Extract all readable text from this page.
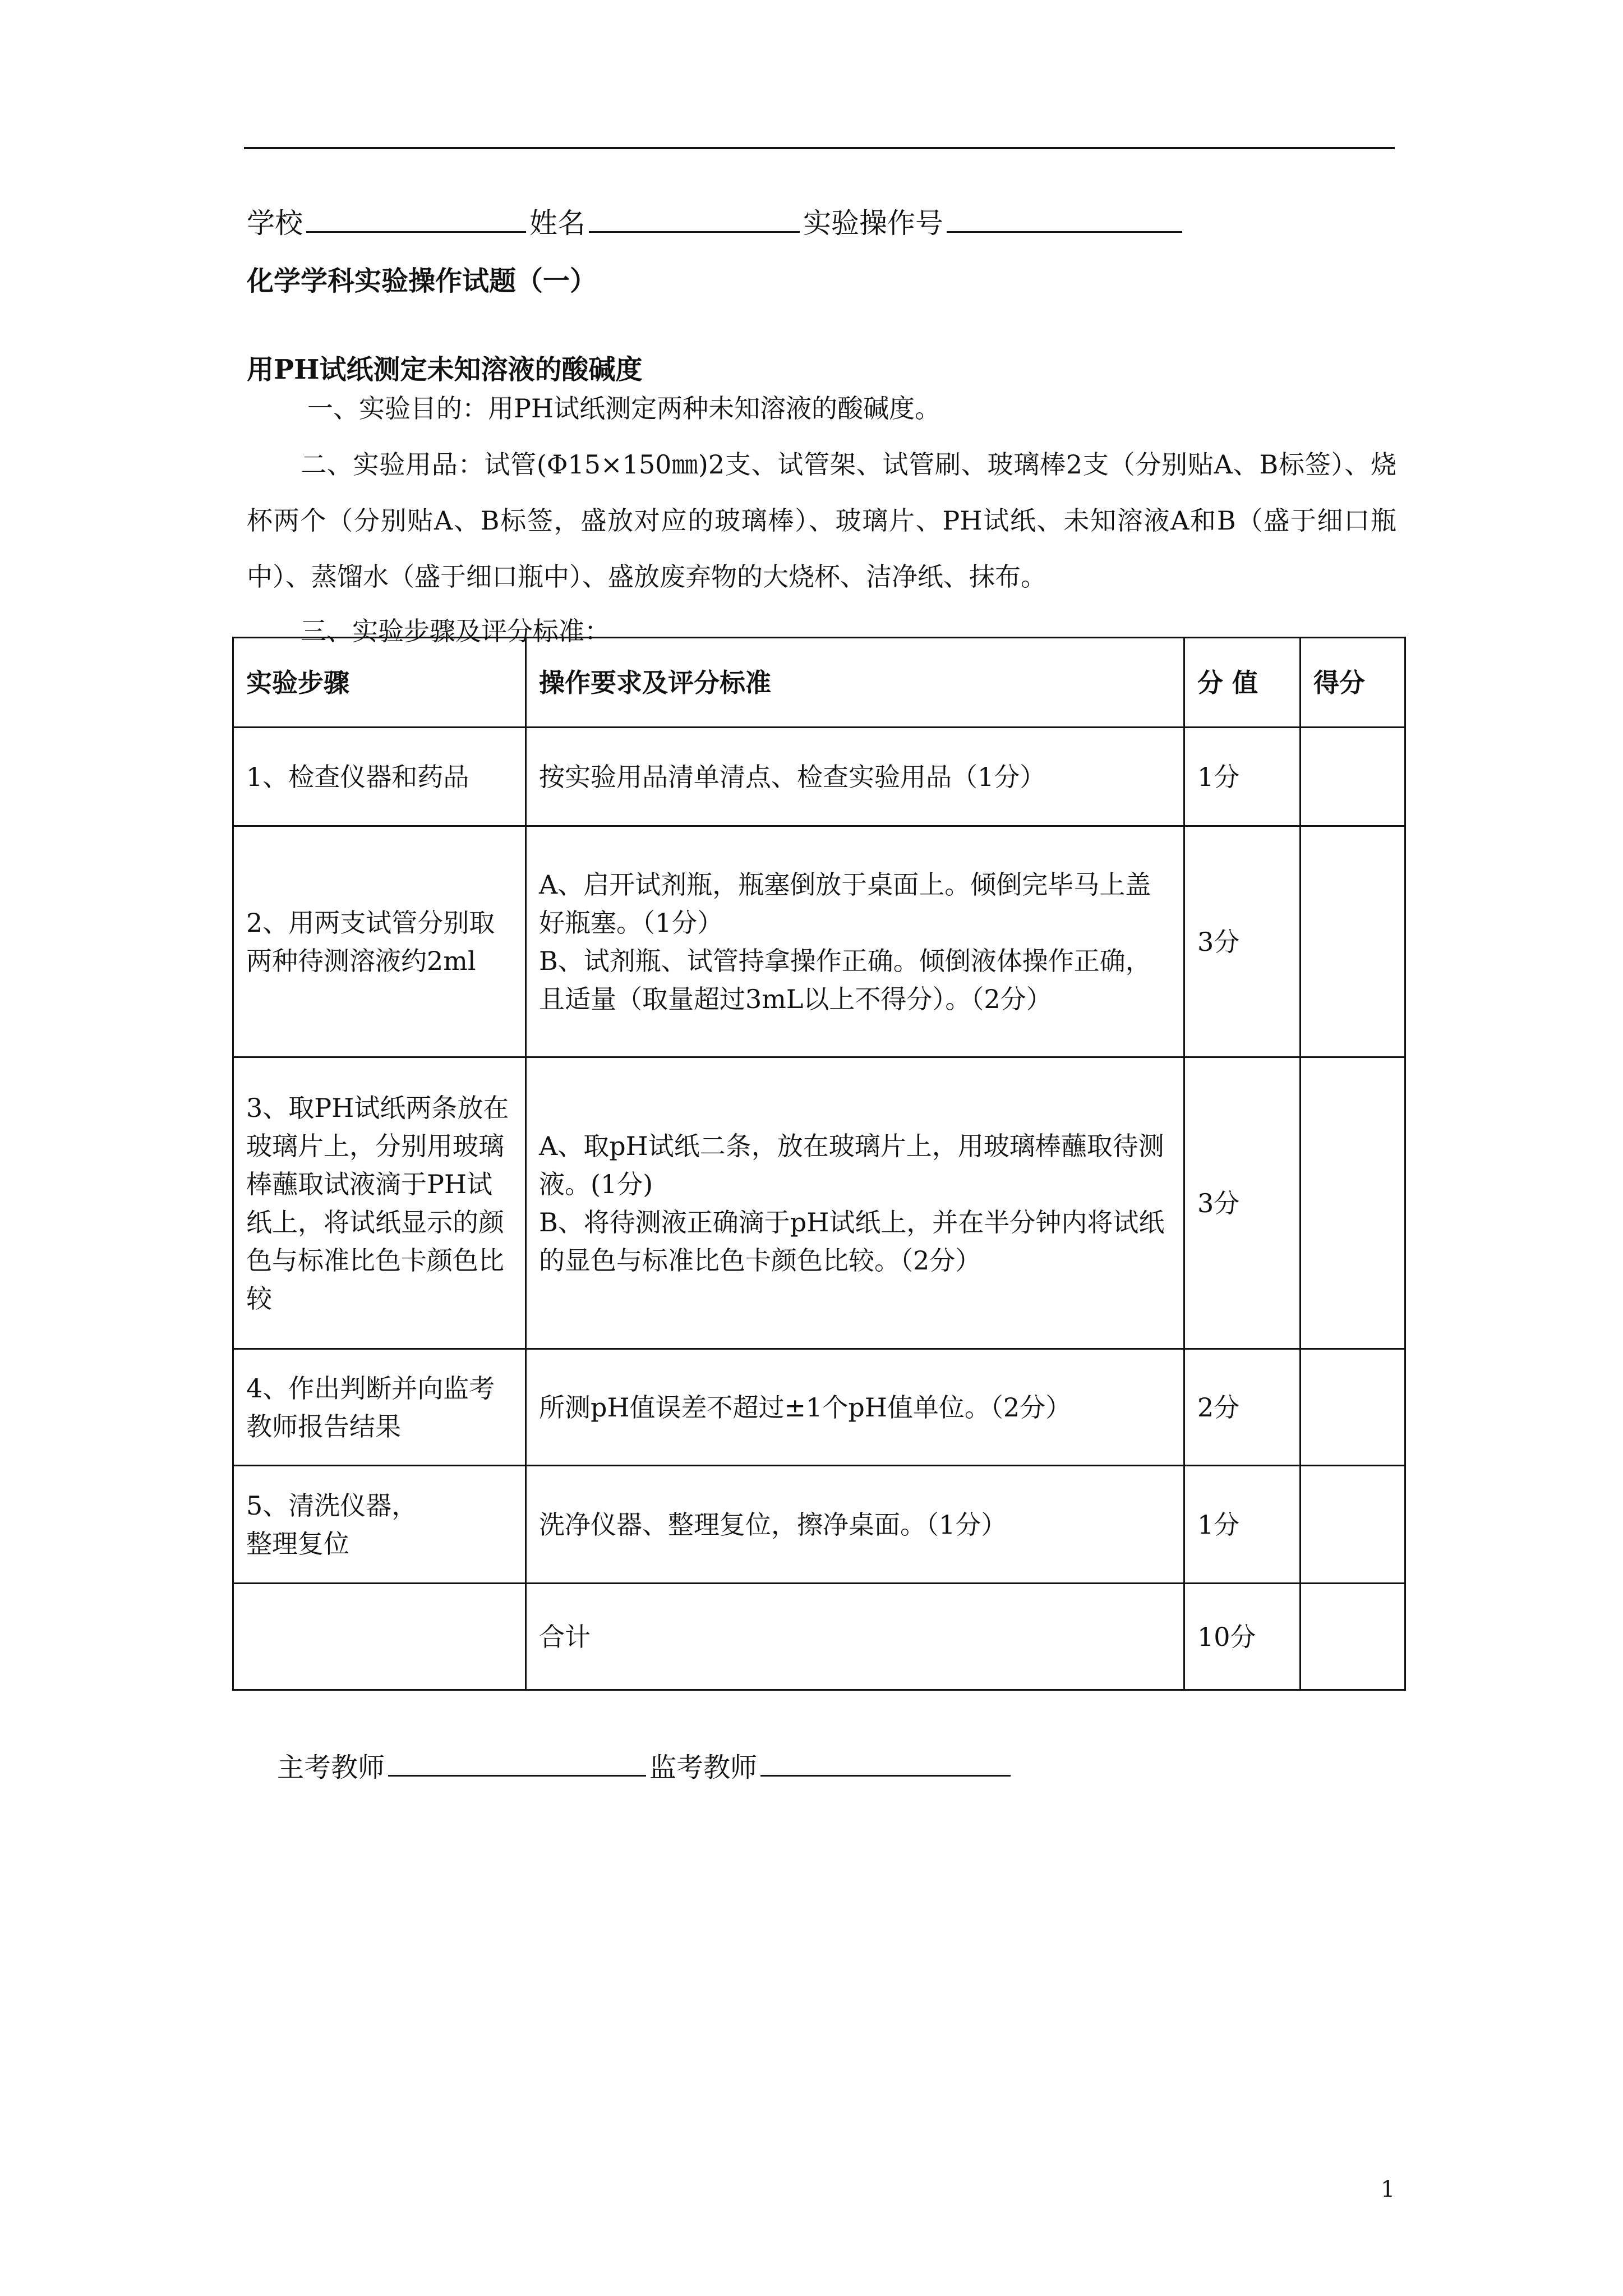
学校	姓名	实验操作号
化学学科实验操作试题（一）
用PH试纸测定未知溶液的酸碱度
一、实验目的：用PH试纸测定两种未知溶液的酸碱度。
二、实验用品：试管(Φ15×150㎜)2支、试管架、试管刷、玻璃棒2支（分别贴A、B标签）、烧杯两个（分别贴A、B标签，盛放对应的玻璃棒）、玻璃片、PH试纸、未知溶液A和B（盛于细口瓶中）、蒸馏水（盛于细口瓶中）、盛放废弃物的大烧杯、洁净纸、抹布。
三、实验步骤及评分标准：
实验步骤	操作要求及评分标准	分 值	得分
1、检查仪器和药品	按实验用品清单清点、检查实验用品（1分）	1分	
2、用两支试管分别取两种待测溶液约2ml	A、启开试剂瓶，瓶塞倒放于桌面上。倾倒完毕马上盖好瓶塞。（1分）
B、试剂瓶、试管持拿操作正确。倾倒液体操作正确，且适量（取量超过3mL以上不得分）。（2分）	3分	
3、取PH试纸两条放在玻璃片上，分别用玻璃棒蘸取试液滴于PH试纸上，将试纸显示的颜色与标准比色卡颜色比较	A、取pH试纸二条，放在玻璃片上，用玻璃棒蘸取待测液。(1分)
B、将待测液正确滴于pH试纸上，并在半分钟内将试纸的显色与标准比色卡颜色比较。（2分）	3分	
4、作出判断并向监考教师报告结果	所测pH值误差不超过±1个pH值单位。（2分）	2分	
5、清洗仪器，
整理复位	洗净仪器、整理复位，擦净桌面。（1分）	1分	
	合计	10分	
主考教师	监考教师
1
